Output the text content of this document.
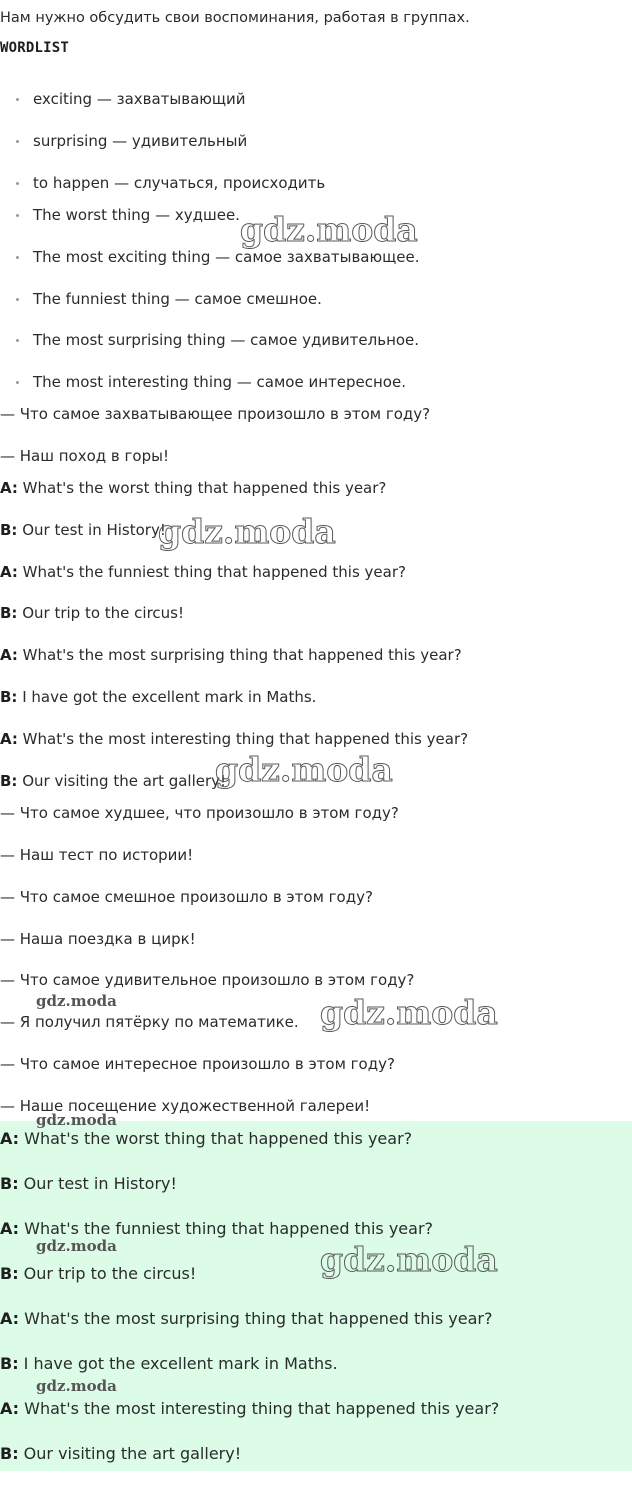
Нам нужно обсудить свои воспоминания, работая в группах.
WORDLIST
exciting — захватывающий
surprising — удивительный
to happen — случаться, происходить
The worst thing — худшее.
The most exciting thing — самое захватывающее.
The funniest thing — самое смешное.
The most surprising thing — самое удивительное.
The most interesting thing — самое интересное.
— Что самое захватывающее произошло в этом году?
— Наш поход в горы!
A: What's the worst thing that happened this year?
B: Our test in History!
A: What's the funniest thing that happened this year?
B: Our trip to the circus!
A: What's the most surprising thing that happened this year?
B: I have got the excellent mark in Maths.
A: What's the most interesting thing that happened this year?
B: Our visiting the art gallery!
— Что самое худшее, что произошло в этом году?
— Наш тест по истории!
— Что самое смешное произошло в этом году?
— Наша поездка в цирк!
— Что самое удивительное произошло в этом году?
— Я получил пятёрку по математике.
— Что самое интересное произошло в этом году?
— Наше посещение художественной галереи!
A: What's the worst thing that happened this year?
B: Our test in History!
A: What's the funniest thing that happened this year?
B: Our trip to the circus!
A: What's the most surprising thing that happened this year?
B: I have got the excellent mark in Maths.
A: What's the most interesting thing that happened this year?
B: Our visiting the art gallery!
gdz.moda
gdz.moda
gdz.moda
gdz.moda	gdz.moda
gdz.moda
gdz.moda
gdz.moda
